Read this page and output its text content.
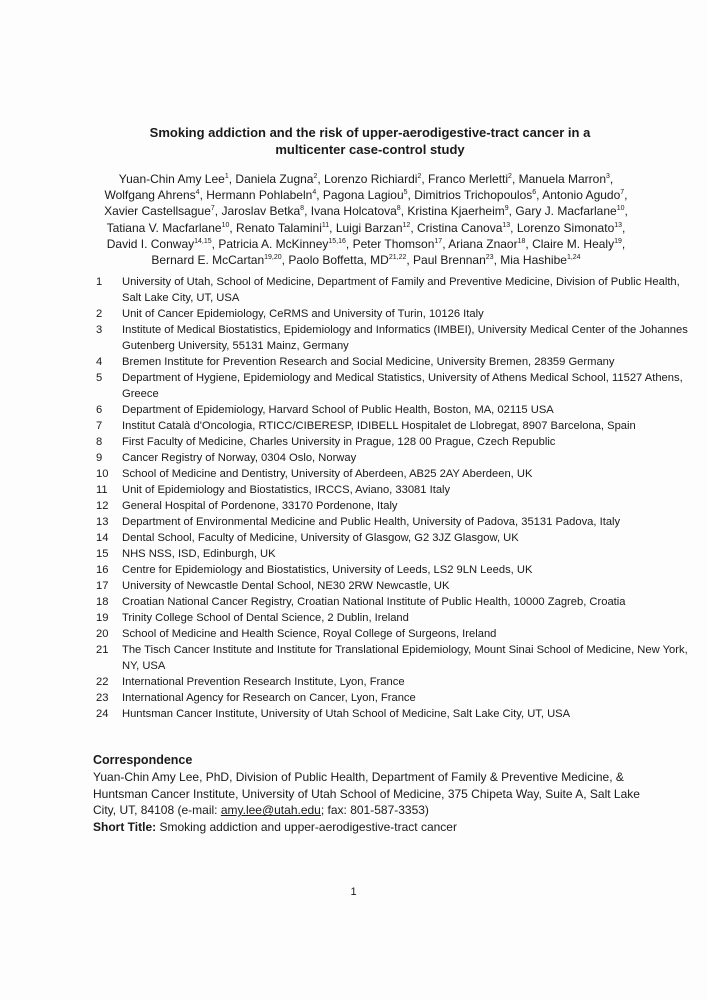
Smoking addiction and the risk of upper-aerodigestive-tract cancer in a
multicenter case-control study
Yuan-Chin Amy Lee$^1$, Daniela Zugna$^2$, Lorenzo Richiardi$^2$, Franco Merletti$^2$, Manuela Marron$^3$, Wolfgang Ahrens$^4$, Hermann Pohlabeln$^4$, Pagona Lagiou$^5$, Dimitrios Trichopoulos$^6$, Antonio Agudo$^7$, Xavier Castellsague$^7$, Jaroslav Betka$^8$, Ivana Holcatova$^8$, Kristina Kjaerheim$^9$, Gary J. Macfarlane$^{10}$, Tatiana V. Macfarlane$^{10}$, Renato Talamini$^{11}$, Luigi Barzan$^{12}$, Cristina Canova$^{13}$, Lorenzo Simonato$^{13}$, David I. Conway$^{14,15}$, Patricia A. McKinney$^{15,16}$, Peter Thomson$^{17}$, Ariana Znaor$^{18}$, Claire M. Healy$^{19}$, Bernard E. McCartan$^{19,20}$, Paolo Boffetta, MD$^{21,22}$, Paul Brennan$^{23}$, Mia Hashibe$^{1,24}$
1	University of Utah, School of Medicine, Department of Family and Preventive Medicine, Division of Public Health, Salt Lake City, UT, USA
2	Unit of Cancer Epidemiology, CeRMS and University of Turin, 10126 Italy
3	Institute of Medical Biostatistics, Epidemiology and Informatics (IMBEI), University Medical Center of the Johannes Gutenberg University, 55131 Mainz, Germany
4	Bremen Institute for Prevention Research and Social Medicine, University Bremen, 28359 Germany
5	Department of Hygiene, Epidemiology and Medical Statistics, University of Athens Medical School, 11527 Athens, Greece
6	Department of Epidemiology, Harvard School of Public Health, Boston, MA, 02115 USA
7	Institut Català d'Oncologia, RTICC/CIBERESP, IDIBELL Hospitalet de Llobregat, 8907 Barcelona, Spain
8	First Faculty of Medicine, Charles University in Prague, 128 00 Prague, Czech Republic
9	Cancer Registry of Norway, 0304 Oslo, Norway
10	School of Medicine and Dentistry, University of Aberdeen, AB25 2AY Aberdeen, UK
11	Unit of Epidemiology and Biostatistics, IRCCS, Aviano, 33081 Italy
12	General Hospital of Pordenone, 33170 Pordenone, Italy
13	Department of Environmental Medicine and Public Health, University of Padova, 35131 Padova, Italy
14	Dental School, Faculty of Medicine, University of Glasgow, G2 3JZ Glasgow, UK
15	NHS NSS, ISD, Edinburgh, UK
16	Centre for Epidemiology and Biostatistics, University of Leeds, LS2 9LN Leeds, UK
17	University of Newcastle Dental School, NE30 2RW Newcastle, UK
18	Croatian National Cancer Registry, Croatian National Institute of Public Health, 10000 Zagreb, Croatia
19	Trinity College School of Dental Science, 2 Dublin, Ireland
20	School of Medicine and Health Science, Royal College of Surgeons, Ireland
21	The Tisch Cancer Institute and Institute for Translational Epidemiology, Mount Sinai School of Medicine, New York, NY, USA
22	International Prevention Research Institute, Lyon, France
23	International Agency for Research on Cancer, Lyon, France
24	Huntsman Cancer Institute, University of Utah School of Medicine, Salt Lake City, UT, USA
Correspondence
Yuan-Chin Amy Lee, PhD, Division of Public Health, Department of Family & Preventive Medicine, & Huntsman Cancer Institute, University of Utah School of Medicine, 375 Chipeta Way, Suite A, Salt Lake City, UT, 84108 (e-mail: amy.lee@utah.edu; fax: 801-587-3353)
Short Title: Smoking addiction and upper-aerodigestive-tract cancer
1
